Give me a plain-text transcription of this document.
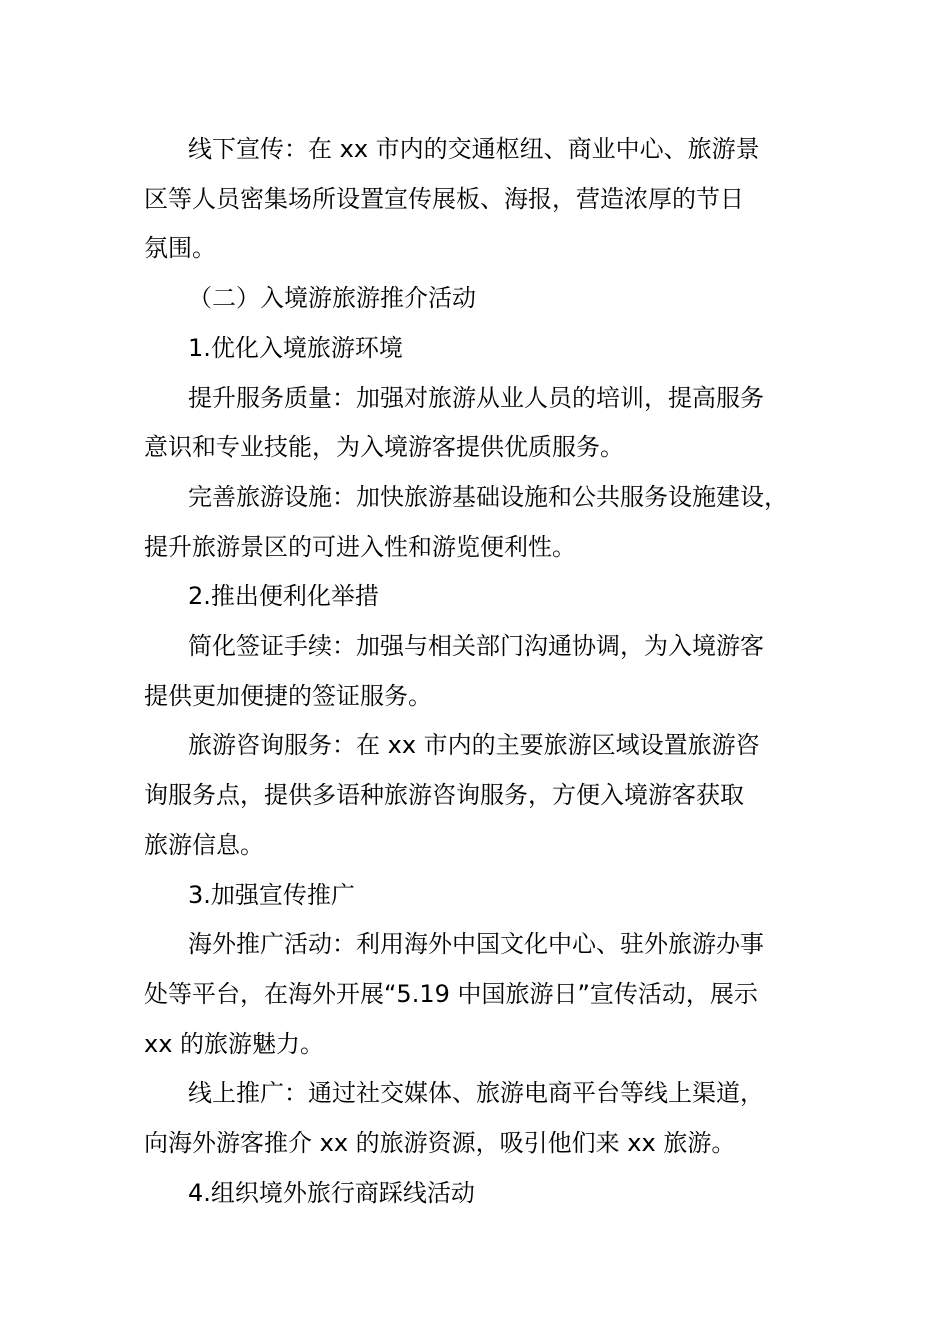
线下宣传：在 xx 市内的交通枢纽、商业中心、旅游景
区等人员密集场所设置宣传展板、海报，营造浓厚的节日
氛围。

（二）入境游旅游推介活动

1.优化入境旅游环境

提升服务质量：加强对旅游从业人员的培训，提高服务
意识和专业技能，为入境游客提供优质服务。

完善旅游设施：加快旅游基础设施和公共服务设施建设，
提升旅游景区的可进入性和游览便利性。

2.推出便利化举措

简化签证手续：加强与相关部门沟通协调，为入境游客
提供更加便捷的签证服务。

旅游咨询服务：在 xx 市内的主要旅游区域设置旅游咨
询服务点，提供多语种旅游咨询服务，方便入境游客获取
旅游信息。

3.加强宣传推广

海外推广活动：利用海外中国文化中心、驻外旅游办事
处等平台，在海外开展“5.19 中国旅游日”宣传活动，展示
xx 的旅游魅力。

线上推广：通过社交媒体、旅游电商平台等线上渠道，
向海外游客推介 xx 的旅游资源，吸引他们来 xx 旅游。

4.组织境外旅行商踩线活动
